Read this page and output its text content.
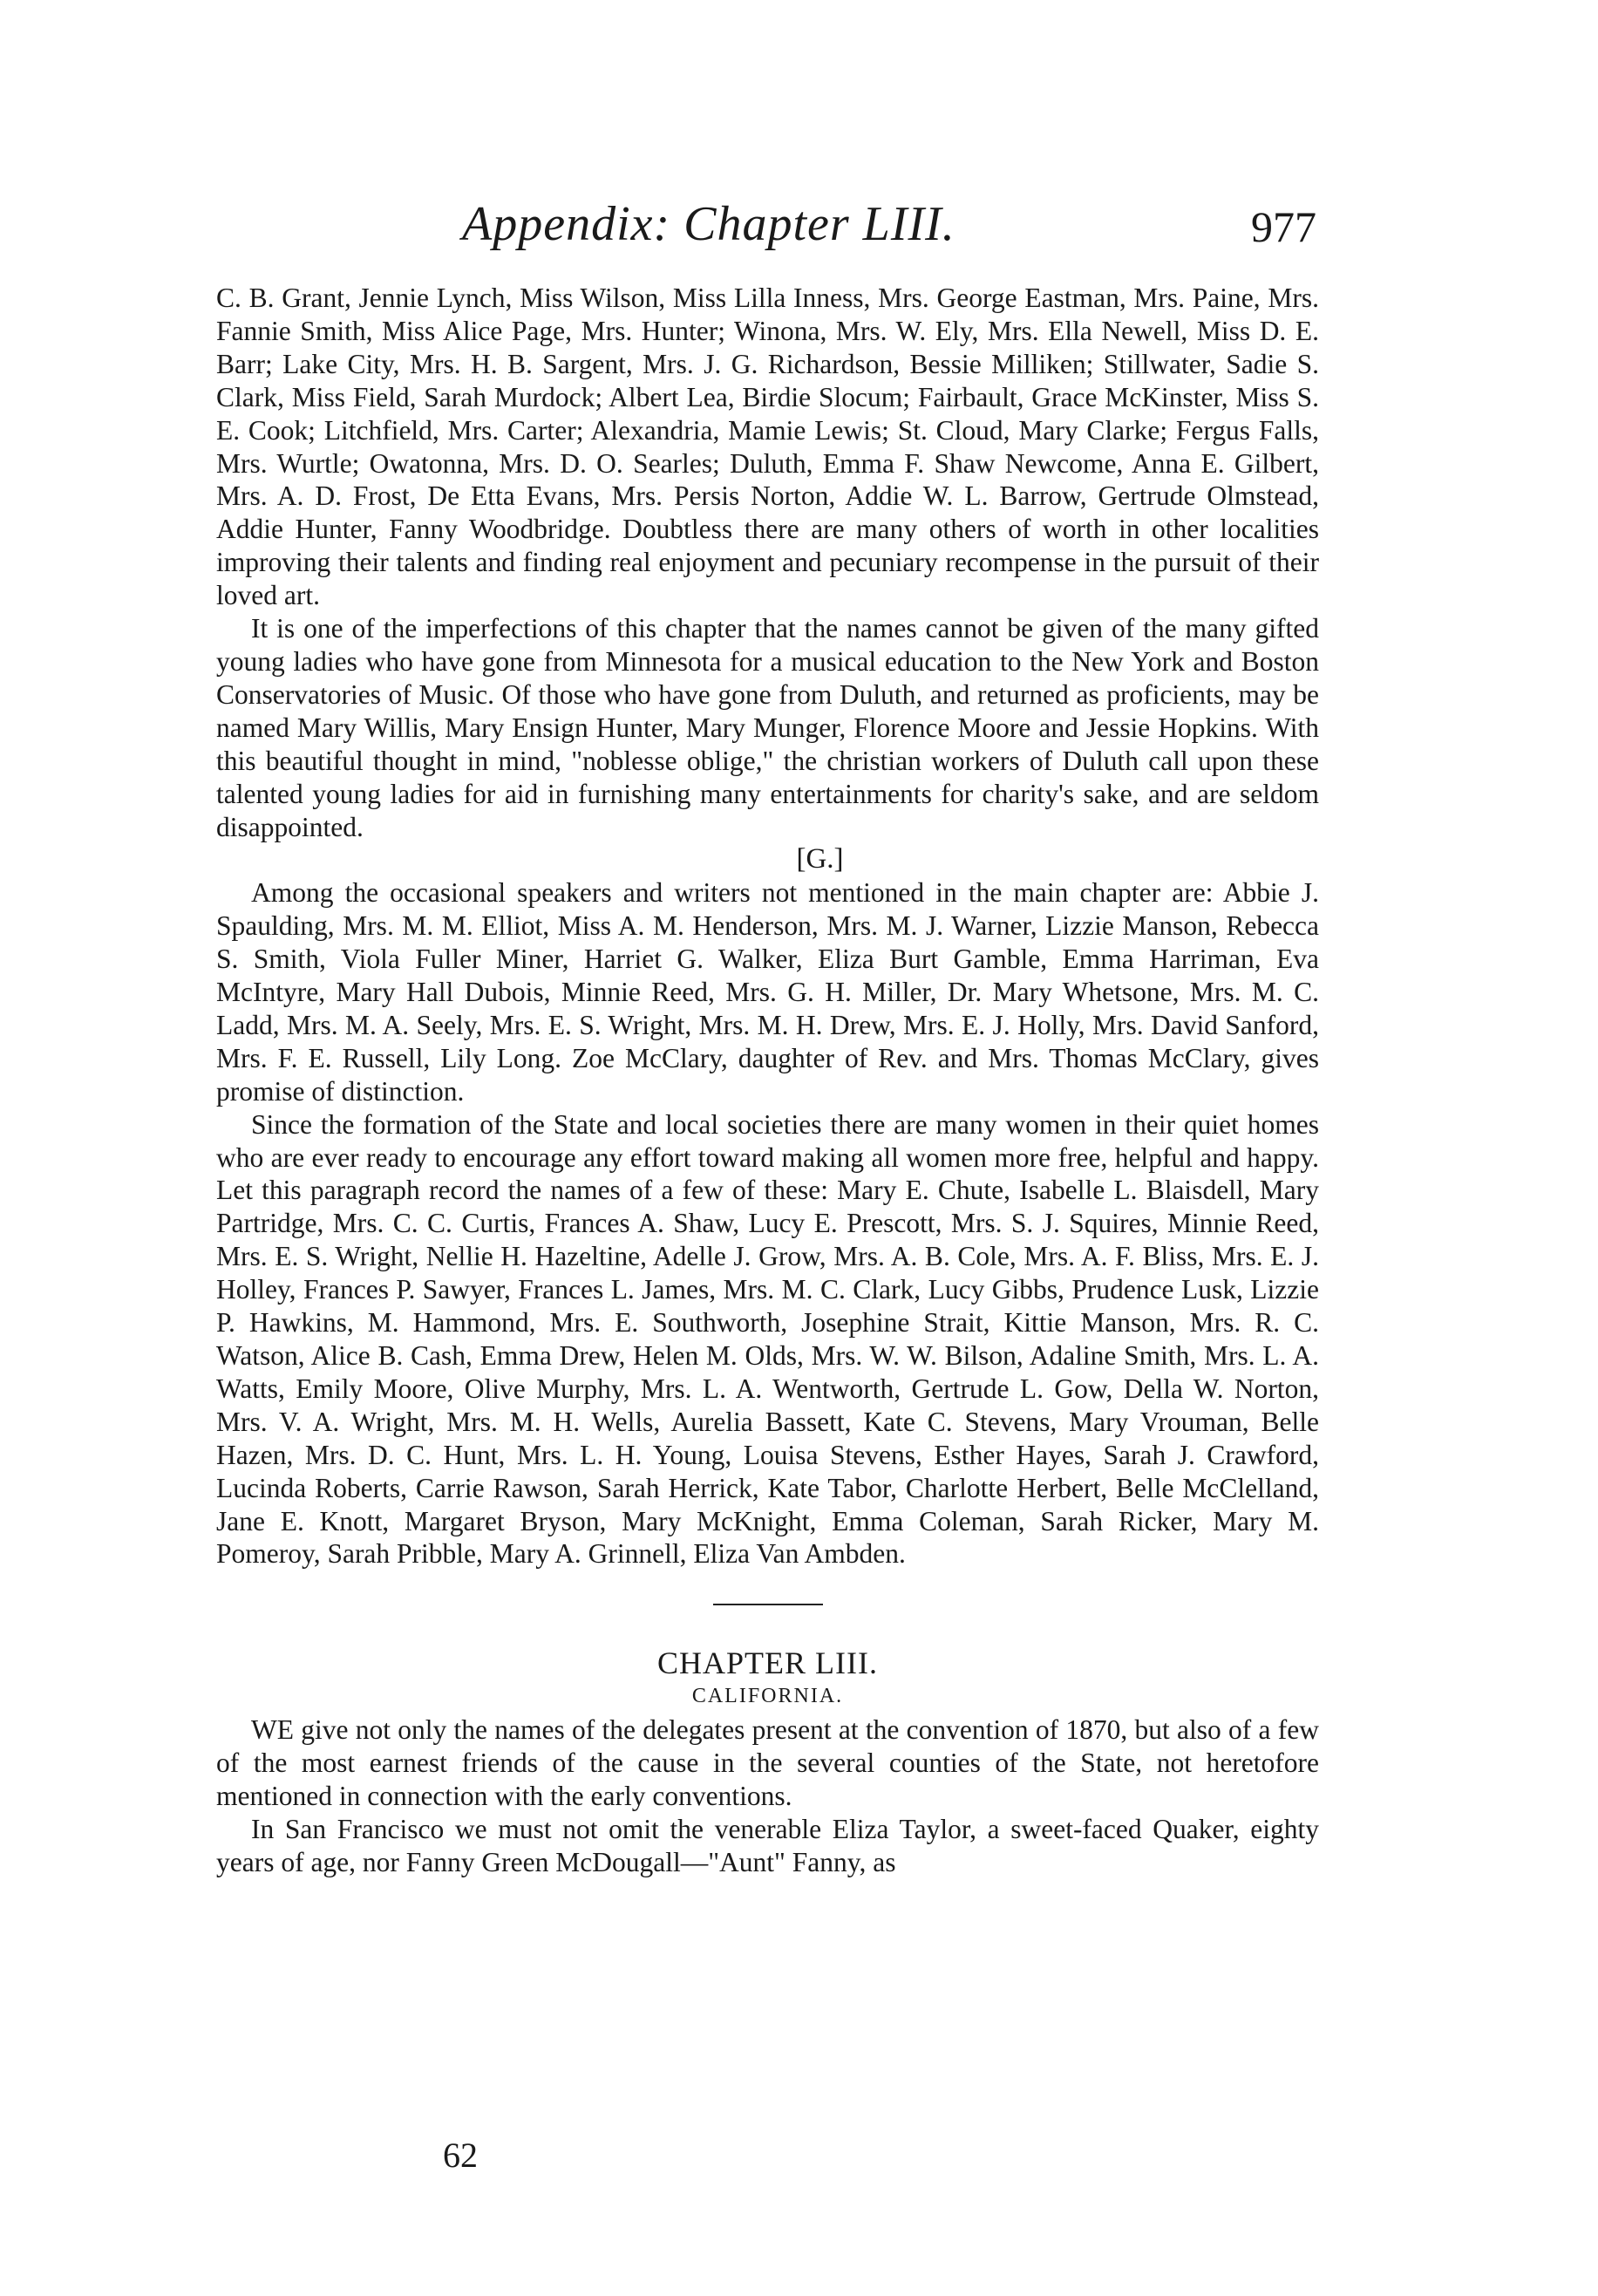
Appendix: Chapter LIII.	977

C. B. Grant, Jennie Lynch, Miss Wilson, Miss Lilla Inness, Mrs. George Eastman, Mrs. Paine, Mrs. Fannie Smith, Miss Alice Page, Mrs. Hunter; Winona, Mrs. W. Ely, Mrs. Ella Newell, Miss D. E. Barr; Lake City, Mrs. H. B. Sargent, Mrs. J. G. Richardson, Bessie Milliken; Stillwater, Sadie S. Clark, Miss Field, Sarah Murdock; Albert Lea, Birdie Slocum; Fairbault, Grace McKinster, Miss S. E. Cook; Litchfield, Mrs. Carter; Alexandria, Mamie Lewis; St. Cloud, Mary Clarke; Fergus Falls, Mrs. Wurtle; Owatonna, Mrs. D. O. Searles; Duluth, Emma F. Shaw Newcome, Anna E. Gilbert, Mrs. A. D. Frost, De Etta Evans, Mrs. Persis Norton, Addie W. L. Barrow, Gertrude Olmstead, Addie Hunter, Fanny Woodbridge. Doubtless there are many others of worth in other localities improving their talents and finding real enjoyment and pecuniary recompense in the pursuit of their loved art.

It is one of the imperfections of this chapter that the names cannot be given of the many gifted young ladies who have gone from Minnesota for a musical education to the New York and Boston Conservatories of Music. Of those who have gone from Duluth, and returned as proficients, may be named Mary Willis, Mary Ensign Hunter, Mary Munger, Florence Moore and Jessie Hopkins. With this beautiful thought in mind, "noblesse oblige," the christian workers of Duluth call upon these talented young ladies for aid in furnishing many entertainments for charity's sake, and are seldom disappointed.

[G.]

Among the occasional speakers and writers not mentioned in the main chapter are: Abbie J. Spaulding, Mrs. M. M. Elliot, Miss A. M. Henderson, Mrs. M. J. Warner, Lizzie Manson, Rebecca S. Smith, Viola Fuller Miner, Harriet G. Walker, Eliza Burt Gamble, Emma Harriman, Eva McIntyre, Mary Hall Dubois, Minnie Reed, Mrs. G. H. Miller, Dr. Mary Whetsone, Mrs. M. C. Ladd, Mrs. M. A. Seely, Mrs. E. S. Wright, Mrs. M. H. Drew, Mrs. E. J. Holly, Mrs. David Sanford, Mrs. F. E. Russell, Lily Long. Zoe McClary, daughter of Rev. and Mrs. Thomas McClary, gives promise of distinction.

Since the formation of the State and local societies there are many women in their quiet homes who are ever ready to encourage any effort toward making all women more free, helpful and happy. Let this paragraph record the names of a few of these: Mary E. Chute, Isabelle L. Blaisdell, Mary Partridge, Mrs. C. C. Curtis, Frances A. Shaw, Lucy E. Prescott, Mrs. S. J. Squires, Minnie Reed, Mrs. E. S. Wright, Nellie H. Hazeltine, Adelle J. Grow, Mrs. A. B. Cole, Mrs. A. F. Bliss, Mrs. E. J. Holley, Frances P. Sawyer, Frances L. James, Mrs. M. C. Clark, Lucy Gibbs, Prudence Lusk, Lizzie P. Hawkins, M. Hammond, Mrs. E. Southworth, Josephine Strait, Kittie Manson, Mrs. R. C. Watson, Alice B. Cash, Emma Drew, Helen M. Olds, Mrs. W. W. Bilson, Adaline Smith, Mrs. L. A. Watts, Emily Moore, Olive Murphy, Mrs. L. A. Wentworth, Gertrude L. Gow, Della W. Norton, Mrs. V. A. Wright, Mrs. M. H. Wells, Aurelia Bassett, Kate C. Stevens, Mary Vrouman, Belle Hazen, Mrs. D. C. Hunt, Mrs. L. H. Young, Louisa Stevens, Esther Hayes, Sarah J. Crawford, Lucinda Roberts, Carrie Rawson, Sarah Herrick, Kate Tabor, Charlotte Herbert, Belle McClelland, Jane E. Knott, Margaret Bryson, Mary McKnight, Emma Coleman, Sarah Ricker, Mary M. Pomeroy, Sarah Pribble, Mary A. Grinnell, Eliza Van Ambden.

CHAPTER LIII.

CALIFORNIA.

WE give not only the names of the delegates present at the convention of 1870, but also of a few of the most earnest friends of the cause in the several counties of the State, not heretofore mentioned in connection with the early conventions.

In San Francisco we must not omit the venerable Eliza Taylor, a sweet-faced Quaker, eighty years of age, nor Fanny Green McDougall—"Aunt" Fanny, as

62
